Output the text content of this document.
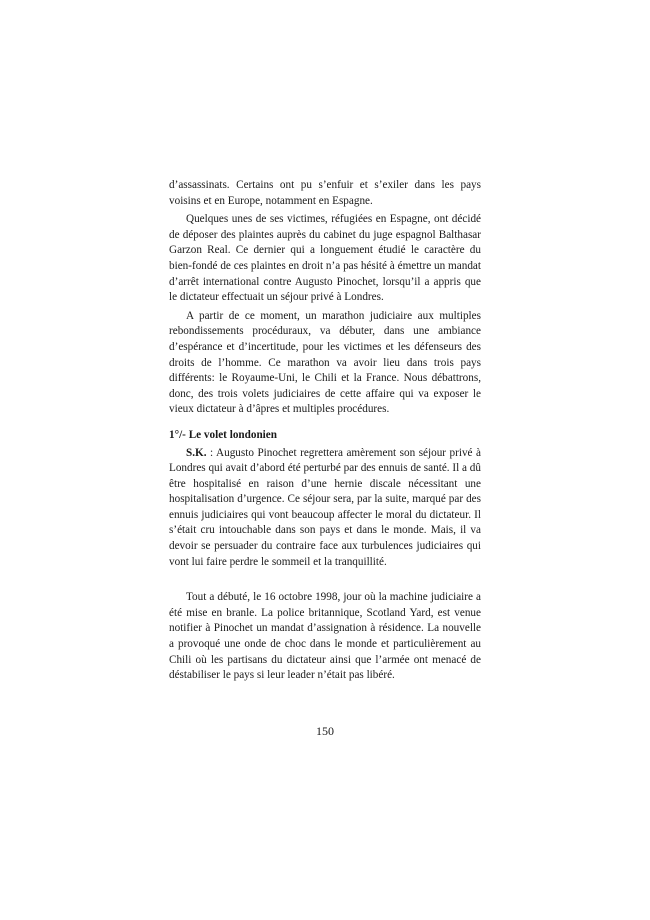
d’assassinats. Certains ont pu s’enfuir et s’exiler dans les pays voisins et en Europe, notamment en Espagne.

Quelques unes de ses victimes, réfugiées en Espagne, ont décidé de déposer des plaintes auprès du cabinet du juge espagnol Balthasar Garzon Real. Ce dernier qui a longuement étudié le caractère du bien-fondé de ces plaintes en droit n’a pas hésité à émettre un mandat d’arrêt international contre Augusto Pinochet, lorsqu’il a appris que le dictateur effectuait un séjour privé à Londres.

A partir de ce moment, un marathon judiciaire aux multiples rebondissements procéduraux, va débuter, dans une ambiance d’espérance et d’incertitude, pour les victimes et les défenseurs des droits de l’homme. Ce marathon va avoir lieu dans trois pays différents: le Royaume-Uni, le Chili et la France. Nous débattrons, donc, des trois volets judiciaires de cette affaire qui va exposer le vieux dictateur à d’âpres et multiples procédures.

1°/- Le volet londonien

S.K. : Augusto Pinochet regrettera amèrement son séjour privé à Londres qui avait d’abord été perturbé par des ennuis de santé. Il a dû être hospitalisé en raison d’une hernie discale nécessitant une hospitalisation d’urgence. Ce séjour sera, par la suite, marqué par des ennuis judiciaires qui vont beaucoup affecter le moral du dictateur. Il s’était cru intouchable dans son pays et dans le monde. Mais, il va devoir se persuader du contraire face aux turbulences judiciaires qui vont lui faire perdre le sommeil et la tranquillité.

Tout a débuté, le 16 octobre 1998, jour où la machine judiciaire a été mise en branle. La police britannique, Scotland Yard, est venue notifier à Pinochet un mandat d’assignation à résidence. La nouvelle a provoqué une onde de choc dans le monde et particulièrement au Chili où les partisans du dictateur ainsi que l’armée ont menacé de déstabiliser le pays si leur leader n’était pas libéré.

150
